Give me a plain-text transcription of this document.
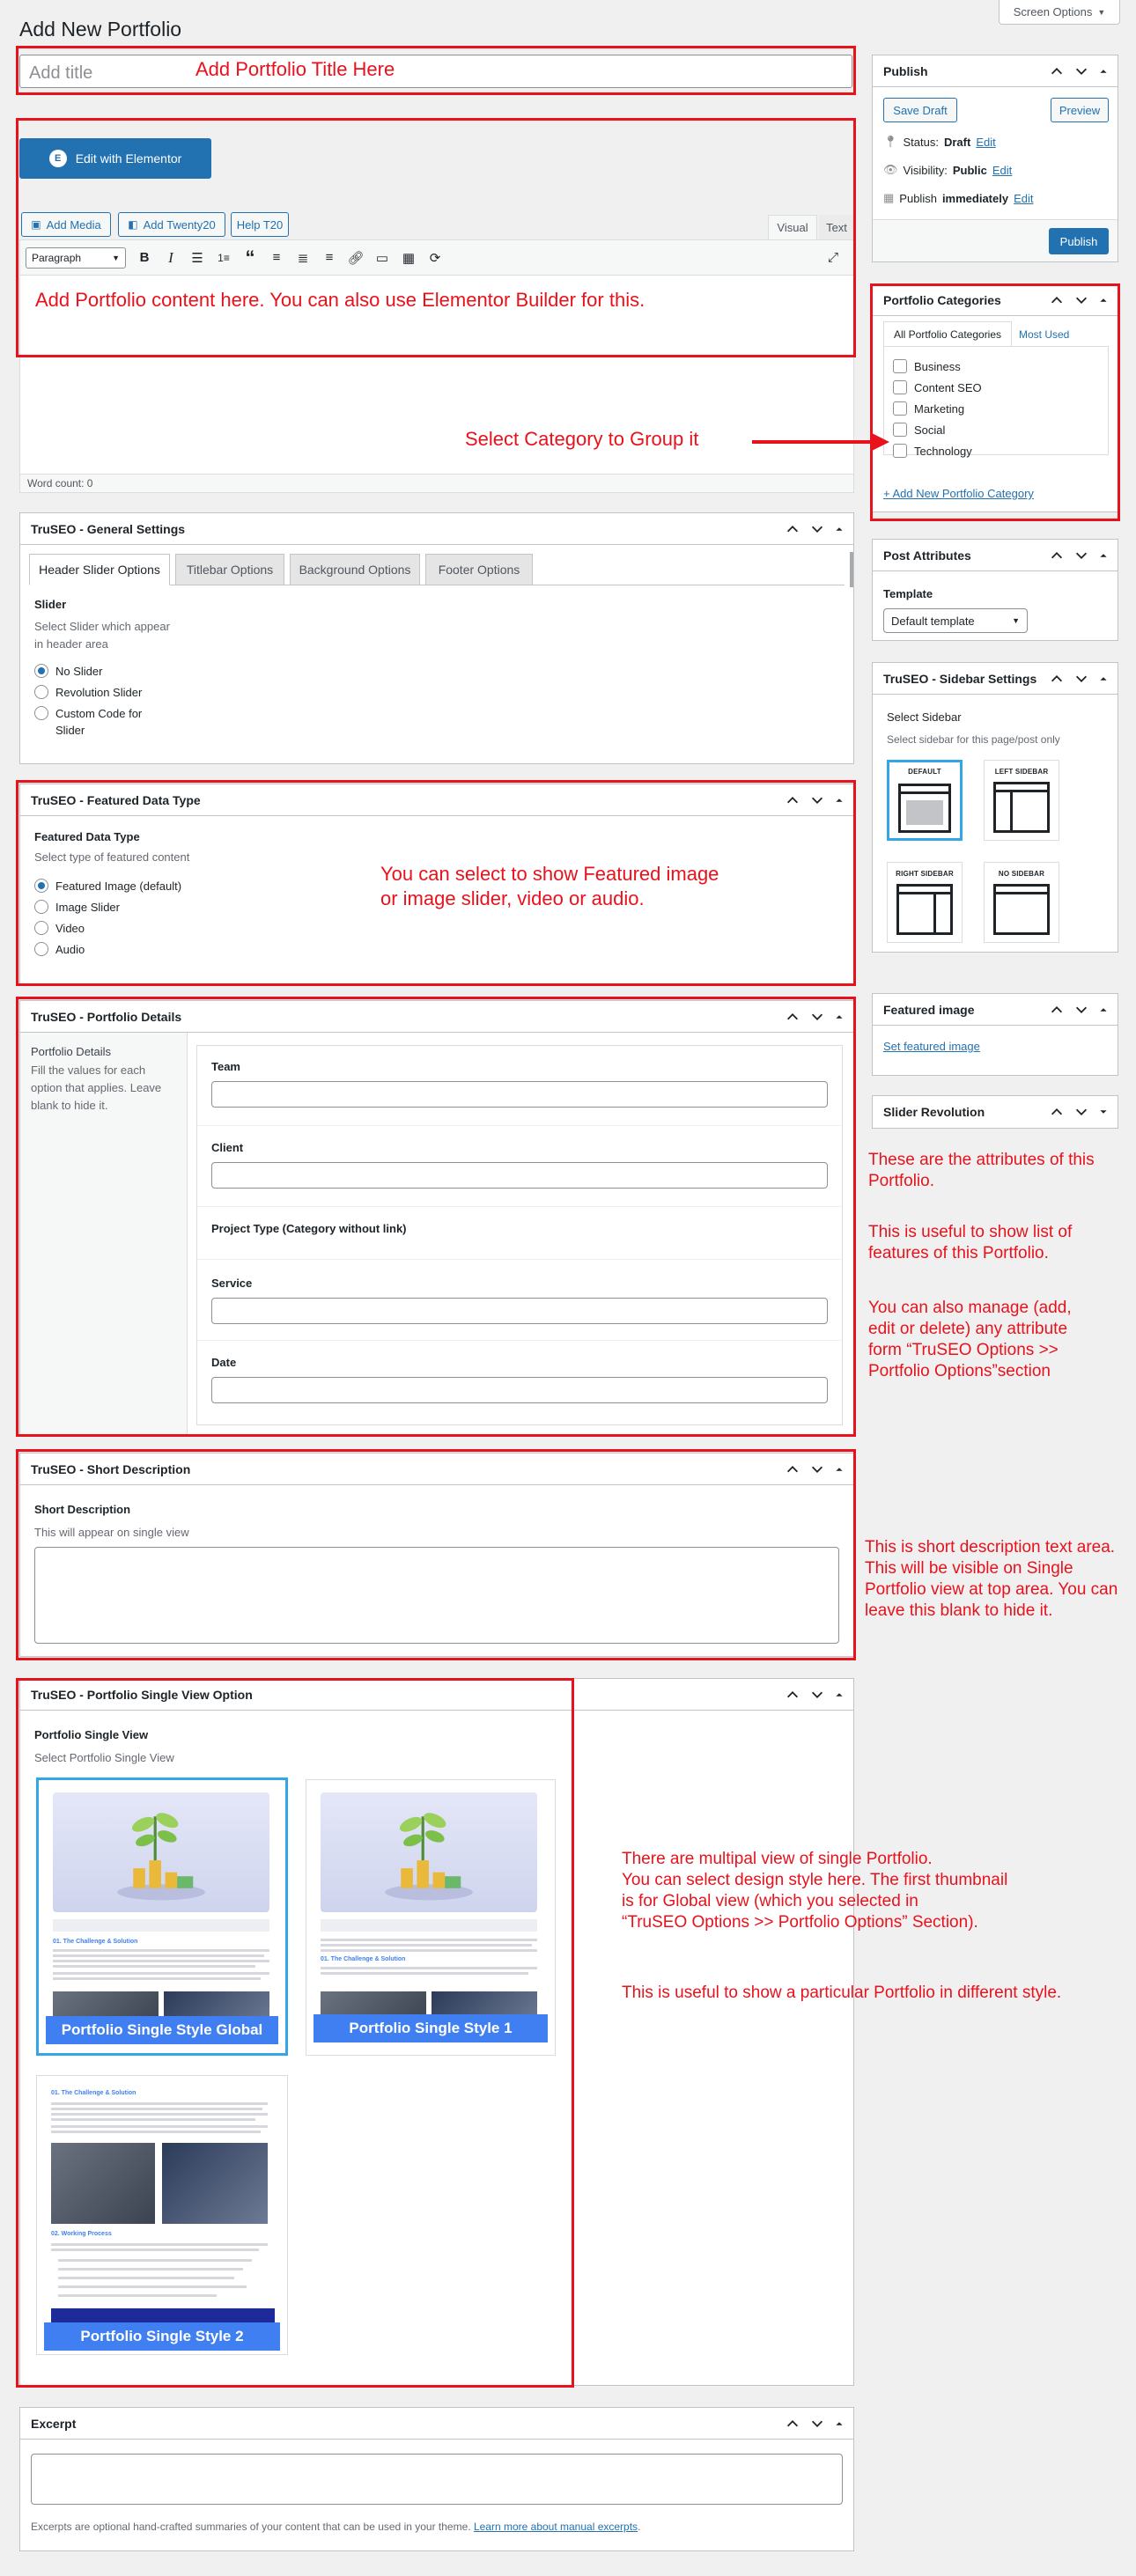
Screen Options ▼
Add New Portfolio
Add title	Add Portfolio Title Here
E	Edit with Elementor
▣ Add Media	◧ Add Twenty20 Help T20	Visual Text
Paragraph	▼	B	I	☰	1≡ “	≡	≣	≡	🔗︎ ▭	▦	⟳	⤢
Add Portfolio content here. You can also use Elementor Builder for this.
Word count: 0
TruSEO - General Settings
Header Slider Options Titlebar Options Background Options Footer Options
Slider
Select Slider which appear
in header area
No Slider
Revolution Slider
Custom Code for
Slider
TruSEO - Featured Data Type
Featured Data Type
Select type of featured content
Featured Image (default)
Image Slider
Video
Audio
You can select to show Featured image
or image slider, video or audio.
TruSEO - Portfolio Details
Portfolio Details
Fill the values for each
option that applies. Leave
blank to hide it.
Team
Client
Project Type (Category without link)
Service
Date
TruSEO - Short Description
Short Description
This will appear on single view
TruSEO - Portfolio Single View Option
Portfolio Single View
Select Portfolio Single View
01. The Challenge & Solution
Portfolio Single Style Global
01. The Challenge & Solution
Portfolio Single Style 1
01. The Challenge & Solution
02. Working Process
Portfolio Single Style 2
Excerpt
Excerpts are optional hand-crafted summaries of your content that can be used in your theme. Learn more about manual excerpts.
Publish
Save Draft	Preview
📍︎ Status: Draft Edit
👁︎ Visibility: Public Edit
▦ Publish immediately Edit
Publish
Portfolio Categories
All Portfolio Categories Most Used
Business
Content SEO
Marketing
Social
Technology
+ Add New Portfolio Category
Select Category to Group it
Post Attributes
Template
Default template	▼
TruSEO - Sidebar Settings
Select Sidebar
Select sidebar for this page/post only
DEFAULT	LEFT SIDEBAR
RIGHT SIDEBAR	NO SIDEBAR
Featured image
Set featured image
Slider Revolution
These are the attributes of this
Portfolio.
This is useful to show list of
features of this Portfolio.
You can also manage (add,
edit or delete) any attribute
form “TruSEO Options >>
Portfolio Options”section
This is short description text area.
This will be visible on Single
Portfolio view at top area. You can
leave this blank to hide it.
There are multipal view of single Portfolio.
You can select design style here. The first thumbnail
is for Global view (which you selected in
“TruSEO Options >> Portfolio Options” Section).
This is useful to show a particular Portfolio in different style.
